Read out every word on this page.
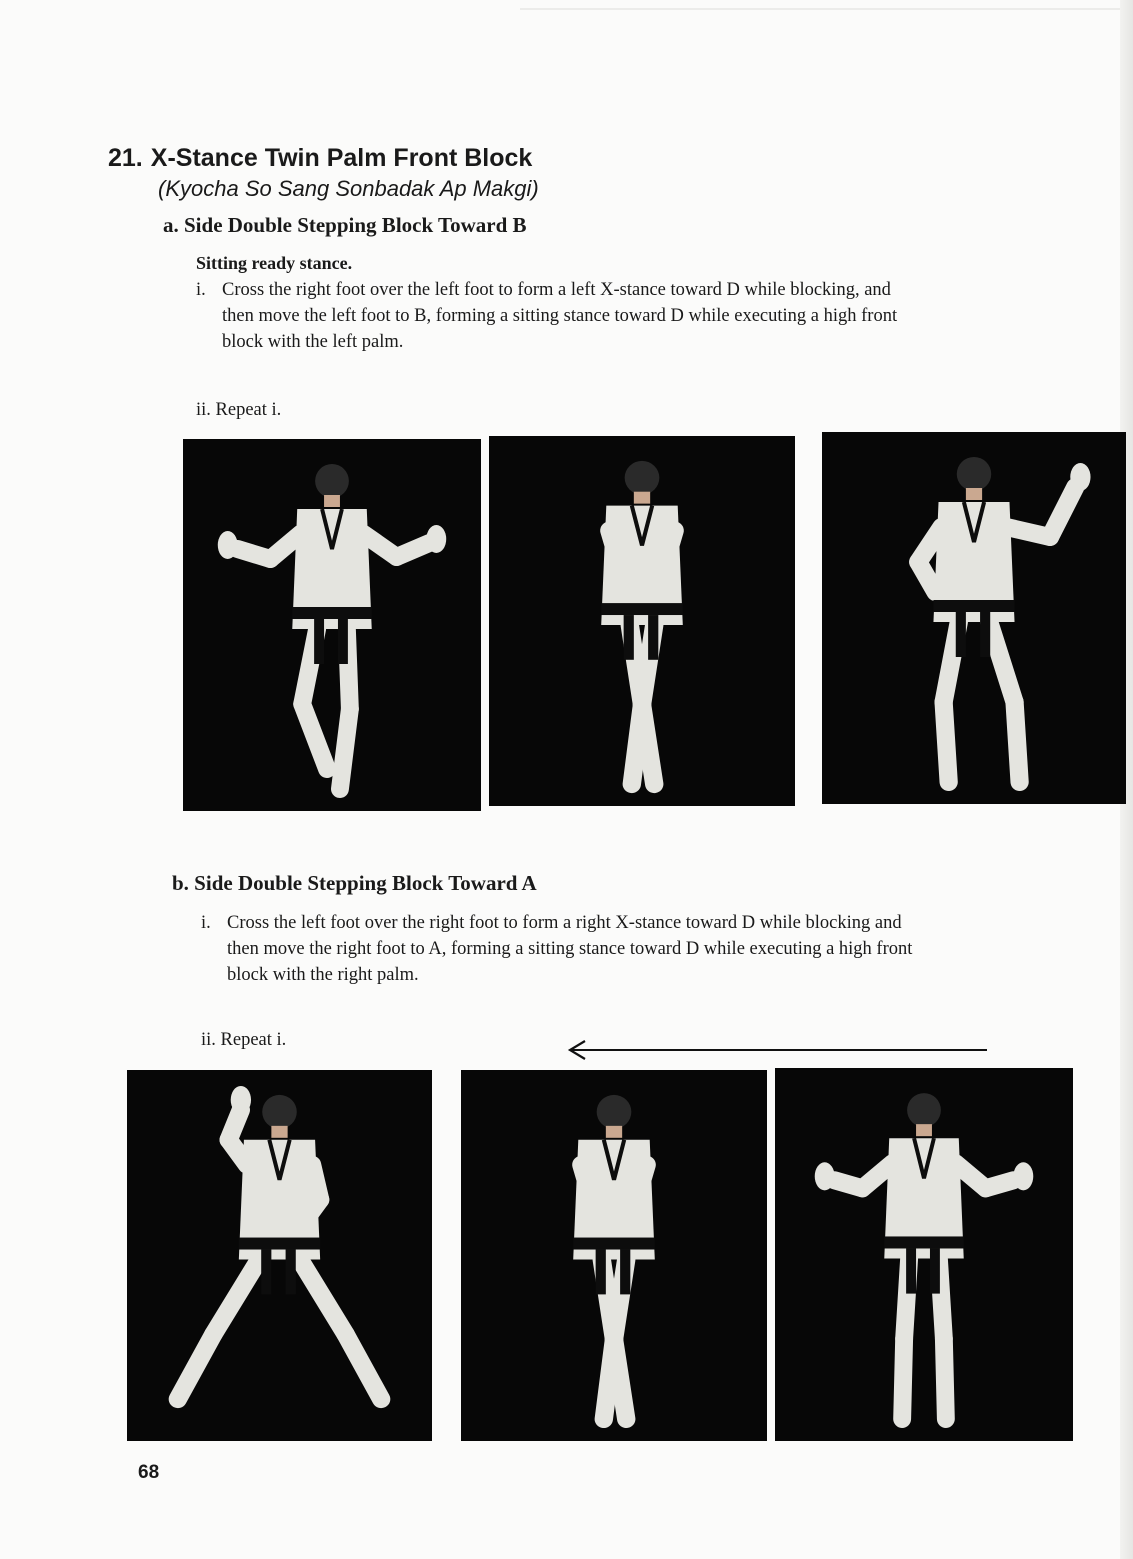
21. X-Stance Twin Palm Front Block
(Kyocha So Sang Sonbadak Ap Makgi)
a. Side Double Stepping Block Toward B
Sitting ready stance.
i. Cross the right foot over the left foot to form a left X-stance toward D while blocking, and then move the left foot to B, forming a sitting stance toward D while executing a high front block with the left palm.
ii. Repeat i.
b. Side Double Stepping Block Toward A
i. Cross the left foot over the right foot to form a right X-stance toward D while blocking and then move the right foot to A, forming a sitting stance toward D while executing a high front block with the right palm.
ii. Repeat i.
68
